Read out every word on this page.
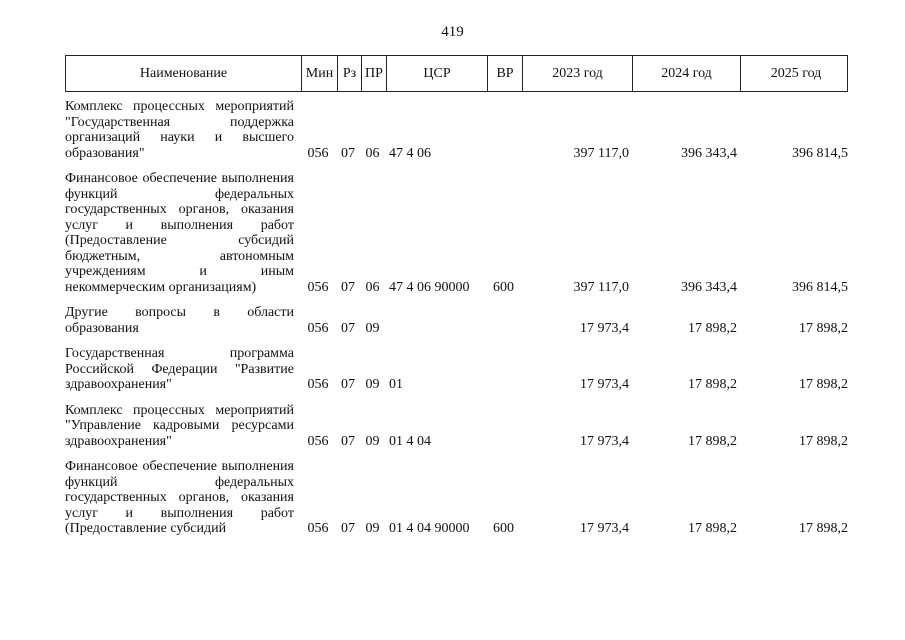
419
Наименование	Мин Рз ПР	ЦСР	ВР	2023 год	2024 год	2025 год
Комплекс процессных мероприятий "Государственная поддержка организаций науки и высшего образования"	056 07 06 47 4 06	397 117,0	396 343,4	396 814,5
Финансовое обеспечение выполнения функций федеральных государственных органов, оказания услуг и выполнения работ (Предоставление субсидий бюджетным, автономным учреждениям и иным некоммерческим организациям)	056 07 06 47 4 06 90000	600	397 117,0	396 343,4	396 814,5
Другие вопросы в области образования	056 07 09	17 973,4	17 898,2	17 898,2
Государственная программа Российской Федерации "Развитие здравоохранения"	056 07 09 01	17 973,4	17 898,2	17 898,2
Комплекс процессных мероприятий "Управление кадровыми ресурсами здравоохранения"	056 07 09 01 4 04	17 973,4	17 898,2	17 898,2
Финансовое обеспечение выполнения функций федеральных государственных органов, оказания услуг и выполнения работ (Предоставление субсидий	056 07 09 01 4 04 90000	600	17 973,4	17 898,2	17 898,2
